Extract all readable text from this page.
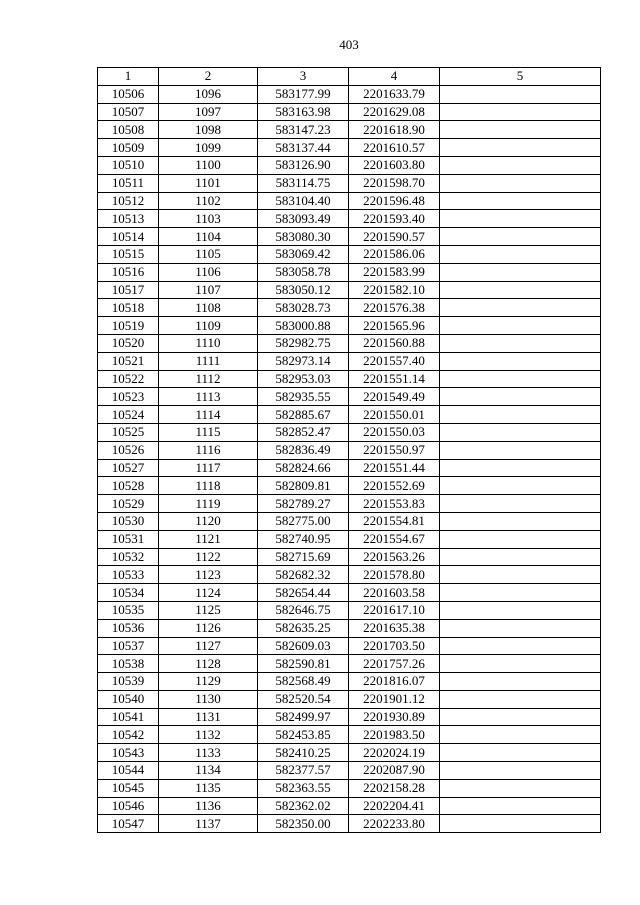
403
1	2	3	4	5
10506	1096	583177.99	2201633.79	
10507	1097	583163.98	2201629.08	
10508	1098	583147.23	2201618.90	
10509	1099	583137.44	2201610.57	
10510	1100	583126.90	2201603.80	
10511	1101	583114.75	2201598.70	
10512	1102	583104.40	2201596.48	
10513	1103	583093.49	2201593.40	
10514	1104	583080.30	2201590.57	
10515	1105	583069.42	2201586.06	
10516	1106	583058.78	2201583.99	
10517	1107	583050.12	2201582.10	
10518	1108	583028.73	2201576.38	
10519	1109	583000.88	2201565.96	
10520	1110	582982.75	2201560.88	
10521	1111	582973.14	2201557.40	
10522	1112	582953.03	2201551.14	
10523	1113	582935.55	2201549.49	
10524	1114	582885.67	2201550.01	
10525	1115	582852.47	2201550.03	
10526	1116	582836.49	2201550.97	
10527	1117	582824.66	2201551.44	
10528	1118	582809.81	2201552.69	
10529	1119	582789.27	2201553.83	
10530	1120	582775.00	2201554.81	
10531	1121	582740.95	2201554.67	
10532	1122	582715.69	2201563.26	
10533	1123	582682.32	2201578.80	
10534	1124	582654.44	2201603.58	
10535	1125	582646.75	2201617.10	
10536	1126	582635.25	2201635.38	
10537	1127	582609.03	2201703.50	
10538	1128	582590.81	2201757.26	
10539	1129	582568.49	2201816.07	
10540	1130	582520.54	2201901.12	
10541	1131	582499.97	2201930.89	
10542	1132	582453.85	2201983.50	
10543	1133	582410.25	2202024.19	
10544	1134	582377.57	2202087.90	
10545	1135	582363.55	2202158.28	
10546	1136	582362.02	2202204.41	
10547	1137	582350.00	2202233.80	
